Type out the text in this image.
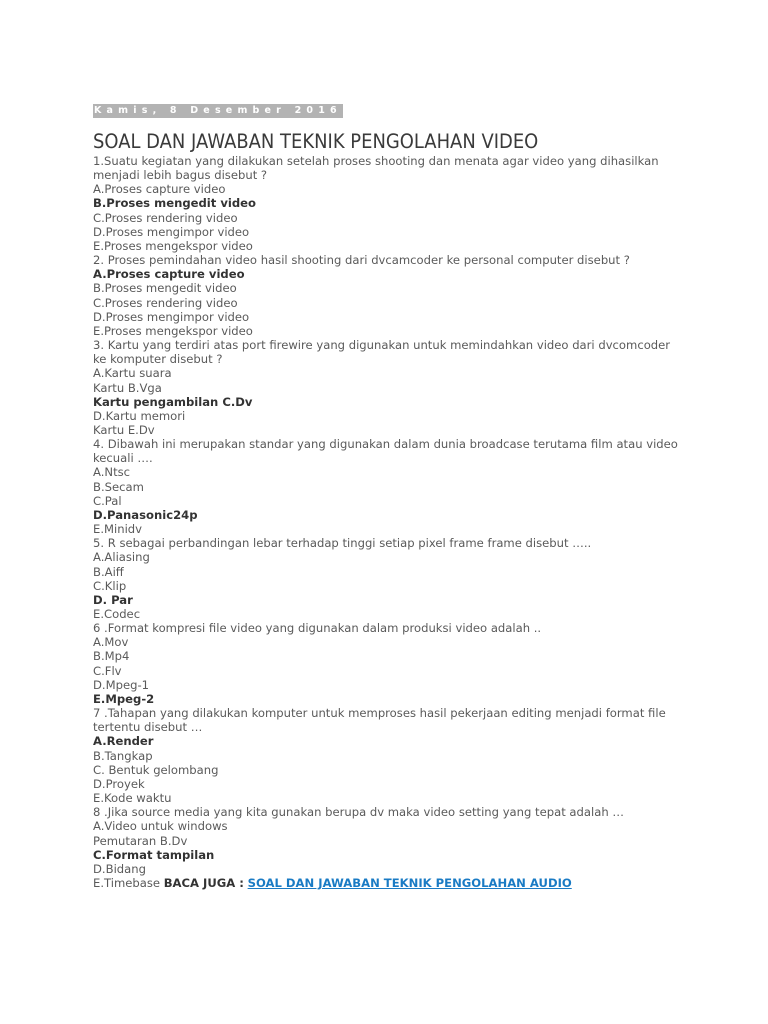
Kamis, 8 Desember 2016
SOAL DAN JAWABAN TEKNIK PENGOLAHAN VIDEO
1.Suatu kegiatan yang dilakukan setelah proses shooting dan menata agar video yang dihasilkan menjadi lebih bagus disebut ?
A.Proses capture video
B.Proses mengedit video
C.Proses rendering video
D.Proses mengimpor video
E.Proses mengekspor video
2. Proses pemindahan video hasil shooting dari dvcamcoder ke personal computer disebut ?
A.Proses capture video
B.Proses mengedit video
C.Proses rendering video
D.Proses mengimpor video
E.Proses mengekspor video
3. Kartu yang terdiri atas port firewire yang digunakan untuk memindahkan video dari dvcomcoder ke komputer disebut ?
A.Kartu suara
Kartu B.Vga
Kartu pengambilan C.Dv
D.Kartu memori
Kartu E.Dv
4. Dibawah ini merupakan standar yang digunakan dalam dunia broadcase terutama film atau video kecuali ….
A.Ntsc
B.Secam
C.Pal
D.Panasonic24p
E.Minidv
5. R sebagai perbandingan lebar terhadap tinggi setiap pixel frame frame disebut …..
A.Aliasing
B.Aiff
C.Klip
D. Par
E.Codec
6 .Format kompresi file video yang digunakan dalam produksi video adalah ..
A.Mov
B.Mp4
C.Flv
D.Mpeg-1
E.Mpeg-2
7 .Tahapan yang dilakukan komputer untuk memproses hasil pekerjaan editing menjadi format file tertentu disebut …
A.Render
B.Tangkap
C. Bentuk gelombang
D.Proyek
E.Kode waktu
8 .Jika source media yang kita gunakan berupa dv maka video setting yang tepat adalah …
A.Video untuk windows
Pemutaran B.Dv
C.Format tampilan
D.Bidang
E.Timebase BACA JUGA : SOAL DAN JAWABAN TEKNIK PENGOLAHAN AUDIO
